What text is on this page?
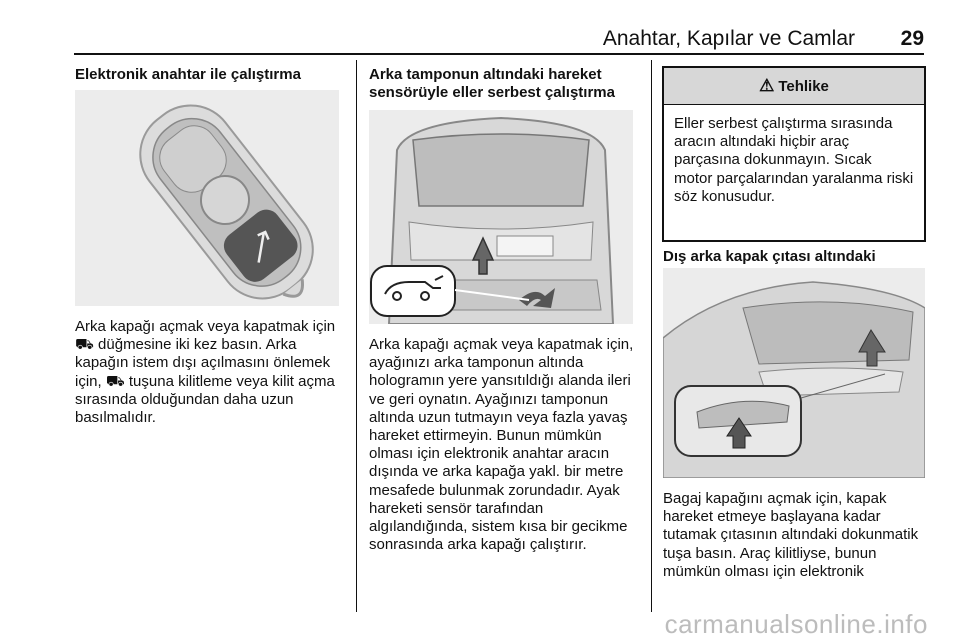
Anahtar, Kapılar ve Camlar 29

Elektronik anahtar ile çalıştırma

Arka kapağı açmak veya kapatmak için ⛟ düğmesine iki kez basın. Arka kapağın istem dışı açılmasını önlemek için, ⛟ tuşuna kilitleme veya kilit açma sırasında olduğundan daha uzun basılmalıdır.

Arka tamponun altındaki hareket sensörüyle eller serbest çalıştırma

Arka kapağı açmak veya kapatmak için, ayağınızı arka tamponun altında hologramın yere yansıtıldığı alanda ileri ve geri oynatın. Ayağınızı tamponun altında uzun tutmayın veya fazla yavaş hareket ettirmeyin. Bunun mümkün olması için elektronik anahtar aracın dışında ve arka kapağa yakl. bir metre mesafede bulunmak zorundadır. Ayak hareketi sensör tarafından algılandığında, sistem kısa bir gecikme sonrasında arka kapağı çalıştırır.

⚠ Tehlike
Eller serbest çalıştırma sırasında aracın altındaki hiçbir araç parçasına dokunmayın. Sıcak motor parçalarından yaralanma riski söz konusudur.

Dış arka kapak çıtası altındaki

Bagaj kapağını açmak için, kapak hareket etmeye başlayana kadar tutamak çıtasının altındaki dokunmatik tuşa basın. Araç kilitliyse, bunun mümkün olması için elektronik

carmanualsonline.info
